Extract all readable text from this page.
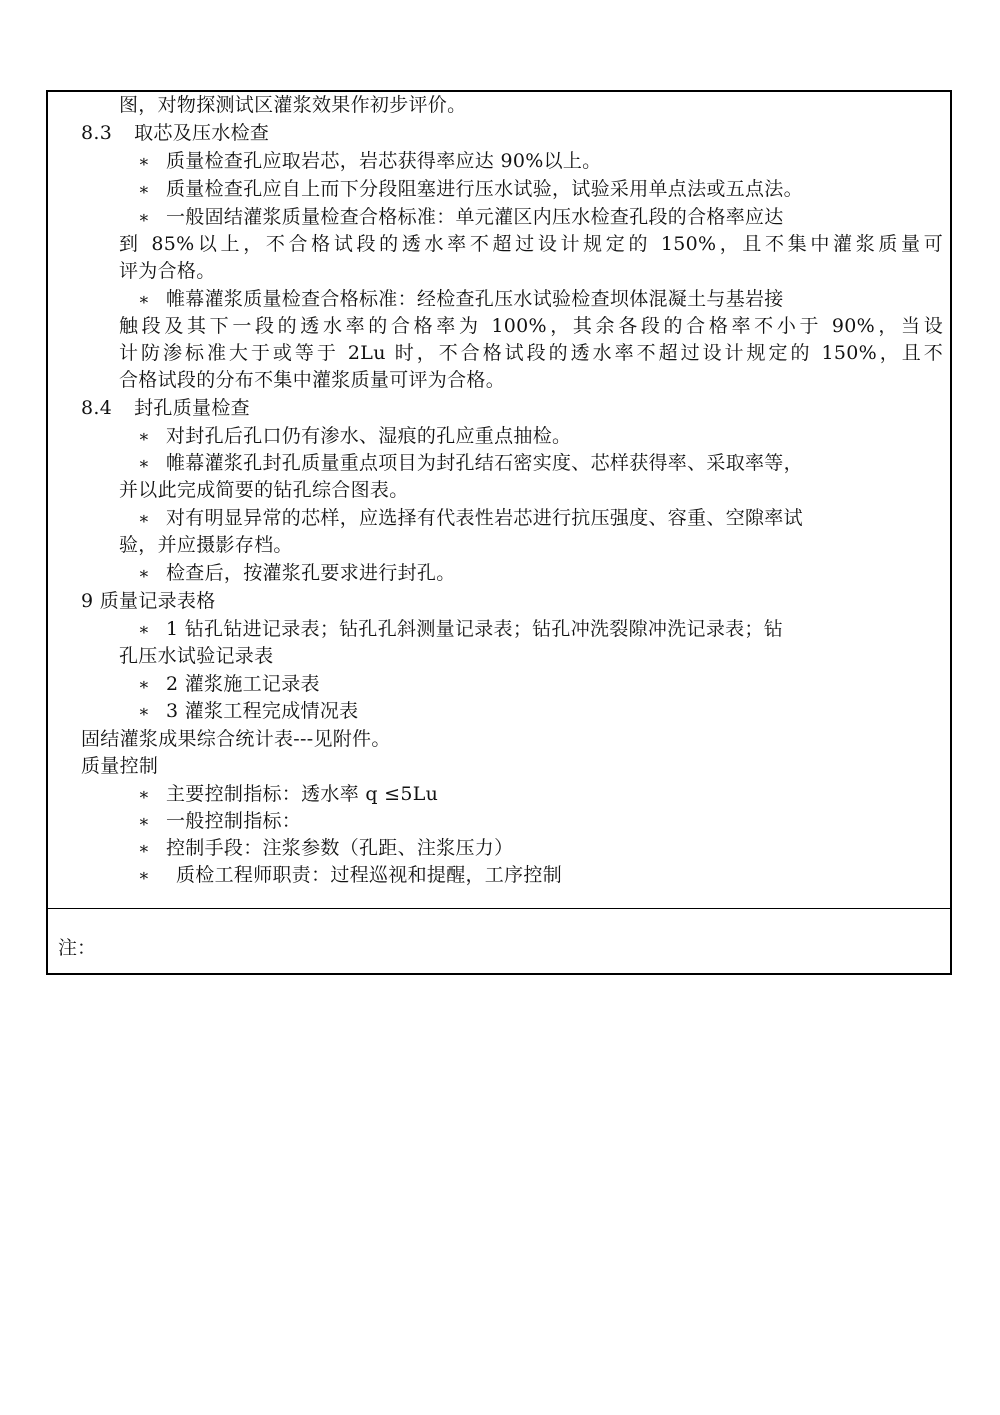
图，对物探测试区灌浆效果作初步评价。
8.3 取芯及压水检查
∗ 质量检查孔应取岩芯，岩芯获得率应达 90%以上。
∗ 质量检查孔应自上而下分段阻塞进行压水试验，试验采用单点法或五点法。
∗ 一般固结灌浆质量检查合格标准：单元灌区内压水检查孔段的合格率应达
到 85%以上，不合格试段的透水率不超过设计规定的 150%，且不集中灌浆质量可
评为合格。
∗ 帷幕灌浆质量检查合格标准：经检查孔压水试验检查坝体混凝土与基岩接
触段及其下一段的透水率的合格率为 100%，其余各段的合格率不小于 90%，当设
计防渗标准大于或等于 2Lu 时，不合格试段的透水率不超过设计规定的 150%，且不
合格试段的分布不集中灌浆质量可评为合格。
8.4 封孔质量检查
∗ 对封孔后孔口仍有渗水、湿痕的孔应重点抽检。
∗ 帷幕灌浆孔封孔质量重点项目为封孔结石密实度、芯样获得率、采取率等，
并以此完成简要的钻孔综合图表。
∗ 对有明显异常的芯样，应选择有代表性岩芯进行抗压强度、容重、空隙率试
验，并应摄影存档。
∗ 检查后，按灌浆孔要求进行封孔。
9 质量记录表格
∗ 1 钻孔钻进记录表；钻孔孔斜测量记录表；钻孔冲洗裂隙冲洗记录表；钻
孔压水试验记录表
∗ 2 灌浆施工记录表
∗ 3 灌浆工程完成情况表
固结灌浆成果综合统计表---见附件。
质量控制
∗ 主要控制指标：透水率 q ≤5Lu
∗ 一般控制指标：
∗ 控制手段：注浆参数（孔距、注浆压力）
∗ 质检工程师职责：过程巡视和提醒，工序控制
注：
